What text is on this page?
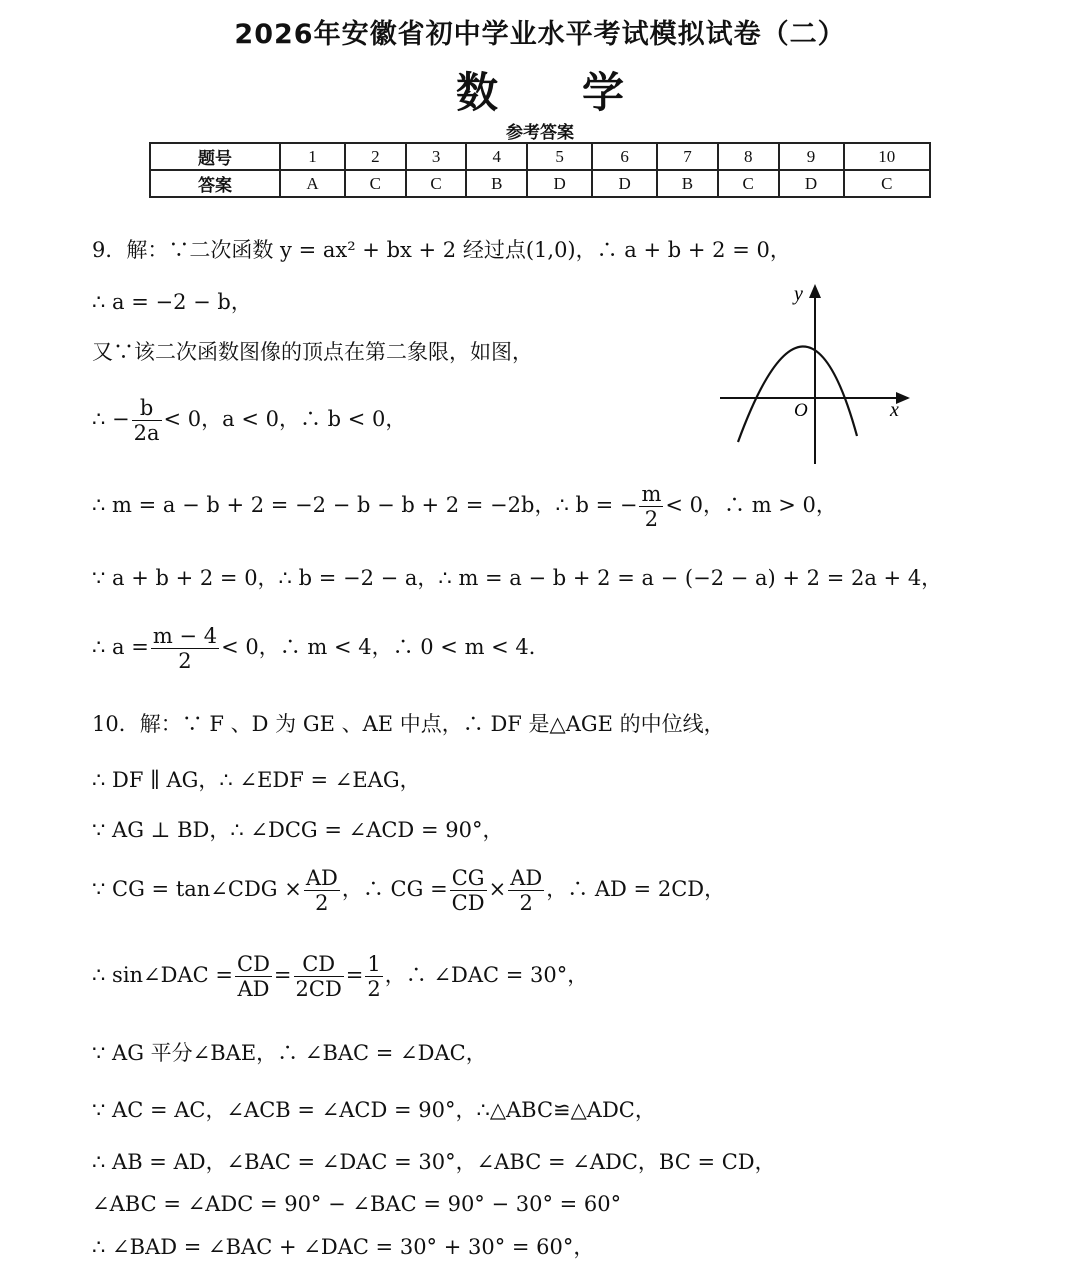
2026年安徽省初中学业水平考试模拟试卷（二）
数 学
参考答案
题号	1	2	3	4	5	6	7	8	9	10
答案	A	C	C	B	D	D	B	C	D	C
9．解：∵二次函数 y = ax² + bx + 2 经过点(1,0)，∴ a + b + 2 = 0，
∴ a = −2 − b，
又∵该二次函数图像的顶点在第二象限，如图，
∴ − $\frac{b}{2a} < 0$，a < 0，∴ b < 0，
∴ m = a − b + 2 = −2 − b − b + 2 = −2b，∴ b = − $\frac{m}{2} < 0$，∴ m > 0，
∵ a + b + 2 = 0，∴ b = −2 − a，∴ m = a − b + 2 = a − (−2 − a) + 2 = 2a + 4，
∴ $a = \frac{m - 4}{2} < 0$，∴ m < 4，∴ 0 < m < 4．
y
x
O
10．解：∵ F 、D 为 GE 、AE 中点，∴ DF 是△AGE 的中位线，
∴ DF ∥ AG，∴ ∠EDF = ∠EAG，
∵ AG ⊥ BD，∴ ∠DCG = ∠ACD = 90°，
∵ CG = tan∠CDG × $\frac{AD}{2}$ ，∴ CG = $\frac{CG}{CD} \times \frac{AD}{2}$ ，∴ AD = 2CD，
∴ sin∠DAC = $\frac{CD}{AD} = \frac{CD}{2CD} = \frac{1}{2}$ ，∴ ∠DAC = 30°，
∵ AG 平分∠BAE，∴ ∠BAC = ∠DAC，
∵ AC = AC，∠ACB = ∠ACD = 90°，∴△ABC≌△ADC，
∴ AB = AD，∠BAC = ∠DAC = 30°，∠ABC = ∠ADC，BC = CD，
∠ABC = ∠ADC = 90° − ∠BAC = 90° − 30° = 60°
∴ ∠BAD = ∠BAC + ∠DAC = 30° + 30° = 60°，
